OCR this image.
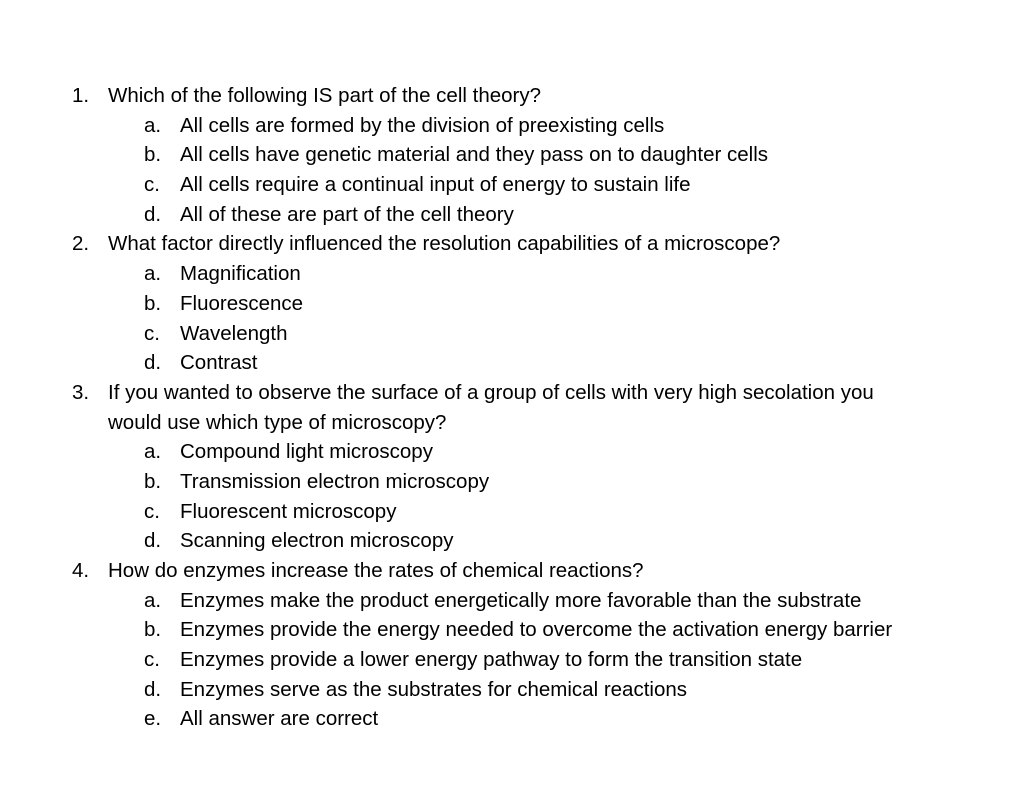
1. Which of the following IS part of the cell theory?
a. All cells are formed by the division of preexisting cells
b. All cells have genetic material and they pass on to daughter cells
c. All cells require a continual input of energy to sustain life
d. All of these are part of the cell theory
2. What factor directly influenced the resolution capabilities of a microscope?
a. Magnification
b. Fluorescence
c. Wavelength
d. Contrast
3. If you wanted to observe the surface of a group of cells with very high secolation you
would use which type of microscopy?
a. Compound light microscopy
b. Transmission electron microscopy
c. Fluorescent microscopy
d. Scanning electron microscopy
4. How do enzymes increase the rates of chemical reactions?
a. Enzymes make the product energetically more favorable than the substrate
b. Enzymes provide the energy needed to overcome the activation energy barrier
c. Enzymes provide a lower energy pathway to form the transition state
d. Enzymes serve as the substrates for chemical reactions
e. All answer are correct
